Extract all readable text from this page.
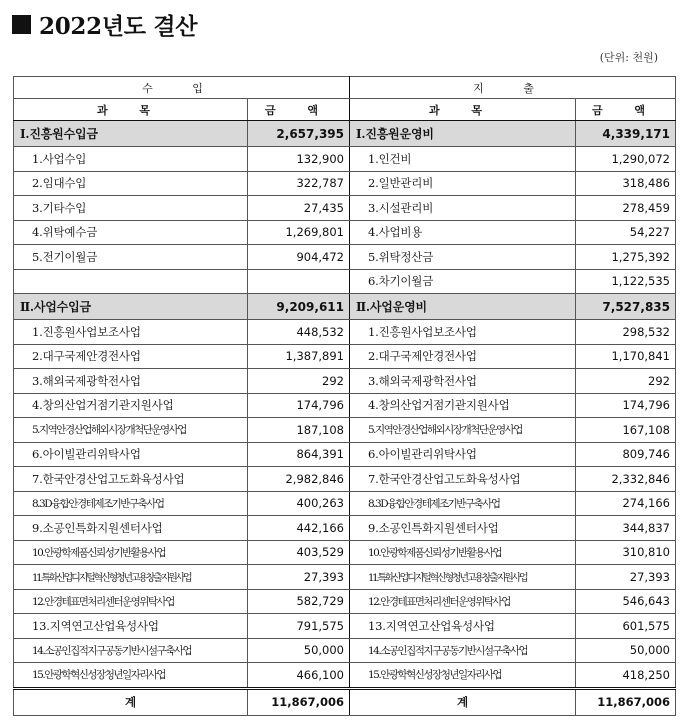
2022년도 결산
(단위: 천원)
수 입		지 출	
과 목	금 액	과 목	금 액
Ⅰ.진흥원수입금	2,657,395	Ⅰ.진흥원운영비	4,339,171
1.사업수입	132,900	1.인건비	1,290,072
2.임대수입	322,787	2.일반관리비	318,486
3.기타수입	27,435	3.시설관리비	278,459
4.위탁예수금	1,269,801	4.사업비용	54,227
5.전기이월금	904,472	5.위탁정산금	1,275,392
		6.차기이월금	1,122,535
Ⅱ.사업수입금	9,209,611	Ⅱ.사업운영비	7,527,835
1.진흥원사업보조사업	448,532	1.진흥원사업보조사업	298,532
2.대구국제안경전사업	1,387,891	2.대구국제안경전사업	1,170,841
3.해외국제광학전사업	292	3.해외국제광학전사업	292
4.창의산업거점기관지원사업	174,796	4.창의산업거점기관지원사업	174,796
5.지역안경산업해외시장개척단운영사업	187,108	5.지역안경산업해외시장개척단운영사업	167,108
6.아이빌관리위탁사업	864,391	6.아이빌관리위탁사업	809,746
7.한국안경산업고도화육성사업	2,982,846	7.한국안경산업고도화육성사업	2,332,846
8.3D융합안경테제조기반구축사업	400,263	8.3D융합안경테제조기반구축사업	274,166
9.소공인특화지원센터사업	442,166	9.소공인특화지원센터사업	344,837
10.안광학제품신뢰성기반활용사업	403,529	10.안광학제품신뢰성기반활용사업	310,810
11.특화산업디지털혁신형청년고용창출지원사업	27,393	11.특화산업디지털혁신형청년고용창출지원사업	27,393
12.안경테표면처리센터운영위탁사업	582,729	12.안경테표면처리센터운영위탁사업	546,643
13.지역연고산업육성사업	791,575	13.지역연고산업육성사업	601,575
14.소공인집적지구공동기반시설구축사업	50,000	14.소공인집적지구공동기반시설구축사업	50,000
15.안광학혁신성장청년일자리사업	466,100	15.안광학혁신성장청년일자리사업	418,250
계	11,867,006	계	11,867,006
